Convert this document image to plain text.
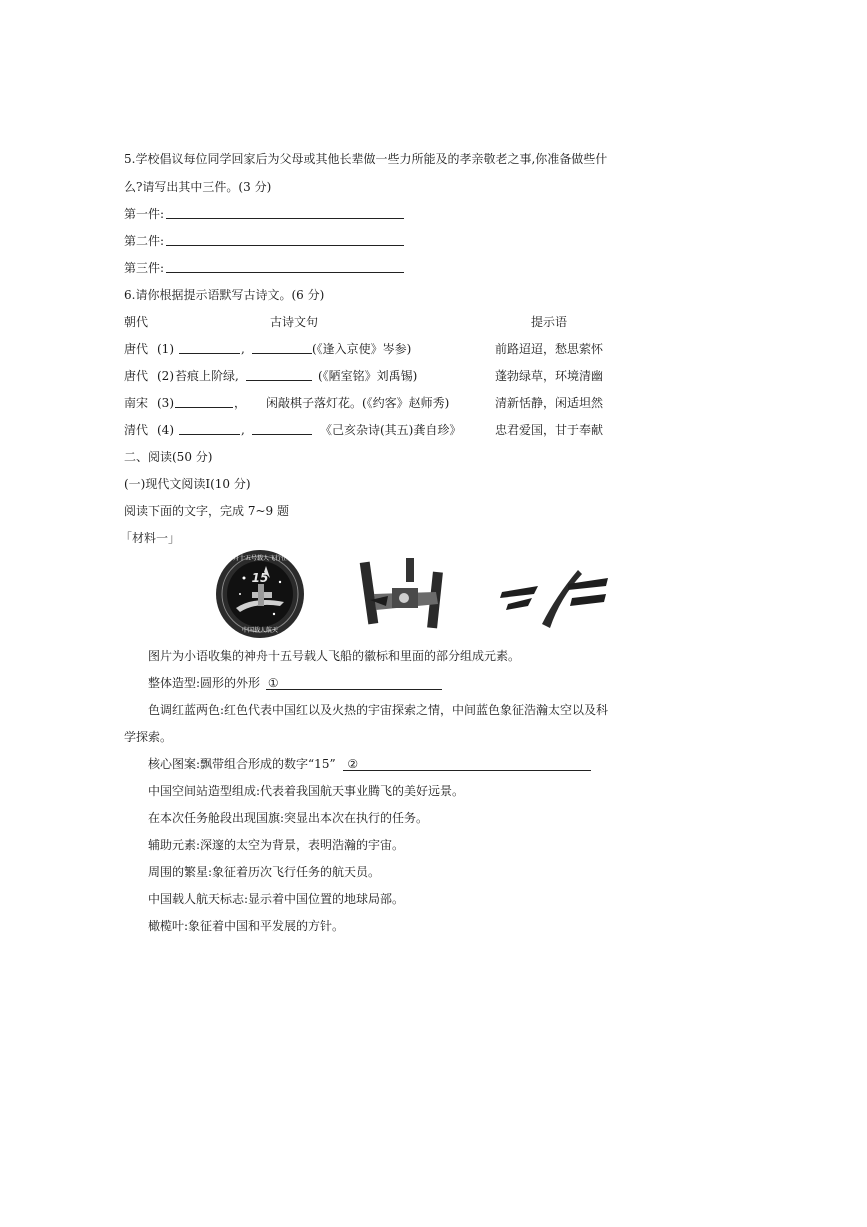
5.学校倡议每位同学回家后为父母或其他长辈做一些力所能及的孝亲敬老之事,你准备做些什
么?请写出其中三件。(3 分)
第一件:
第二件:
第三件:
6.请你根据提示语默写古诗文。(6 分)
朝代	古诗文句	提示语
唐代 (1)	,	(《逢入京使》岑参)	前路迢迢，愁思萦怀
唐代 (2) 苔痕上阶绿,	(《陋室铭》刘禹锡)	蓬勃绿草，环境清幽
南宋 (3)	， 闲敲棋子落灯花。(《约客》赵师秀)	清新恬静，闲适坦然
清代 (4)	,	《己亥杂诗(其五)龚自珍》	忠君爱国，甘于奉献
二、阅读(50 分)
(一)现代文阅读Ⅰ(10 分)
阅读下面的文字，完成 7~9 题
「材料一」
15
神舟十五号载人飞行任务
中国载人航天
图片为小语收集的神舟十五号载人飞船的徽标和里面的部分组成元素。
整体造型:圆形的外形 ①
色调红蓝两色:红色代表中国红以及火热的宇宙探索之情，中间蓝色象征浩瀚太空以及科
学探索。
核心图案:飘带组合形成的数字“15” ②
中国空间站造型组成:代表着我国航天事业腾飞的美好远景。
在本次任务舱段出现国旗:突显出本次在执行的任务。
辅助元素:深邃的太空为背景，表明浩瀚的宇宙。
周围的繁星:象征着历次飞行任务的航天员。
中国载人航天标志:显示着中国位置的地球局部。
橄榄叶:象征着中国和平发展的方针。
